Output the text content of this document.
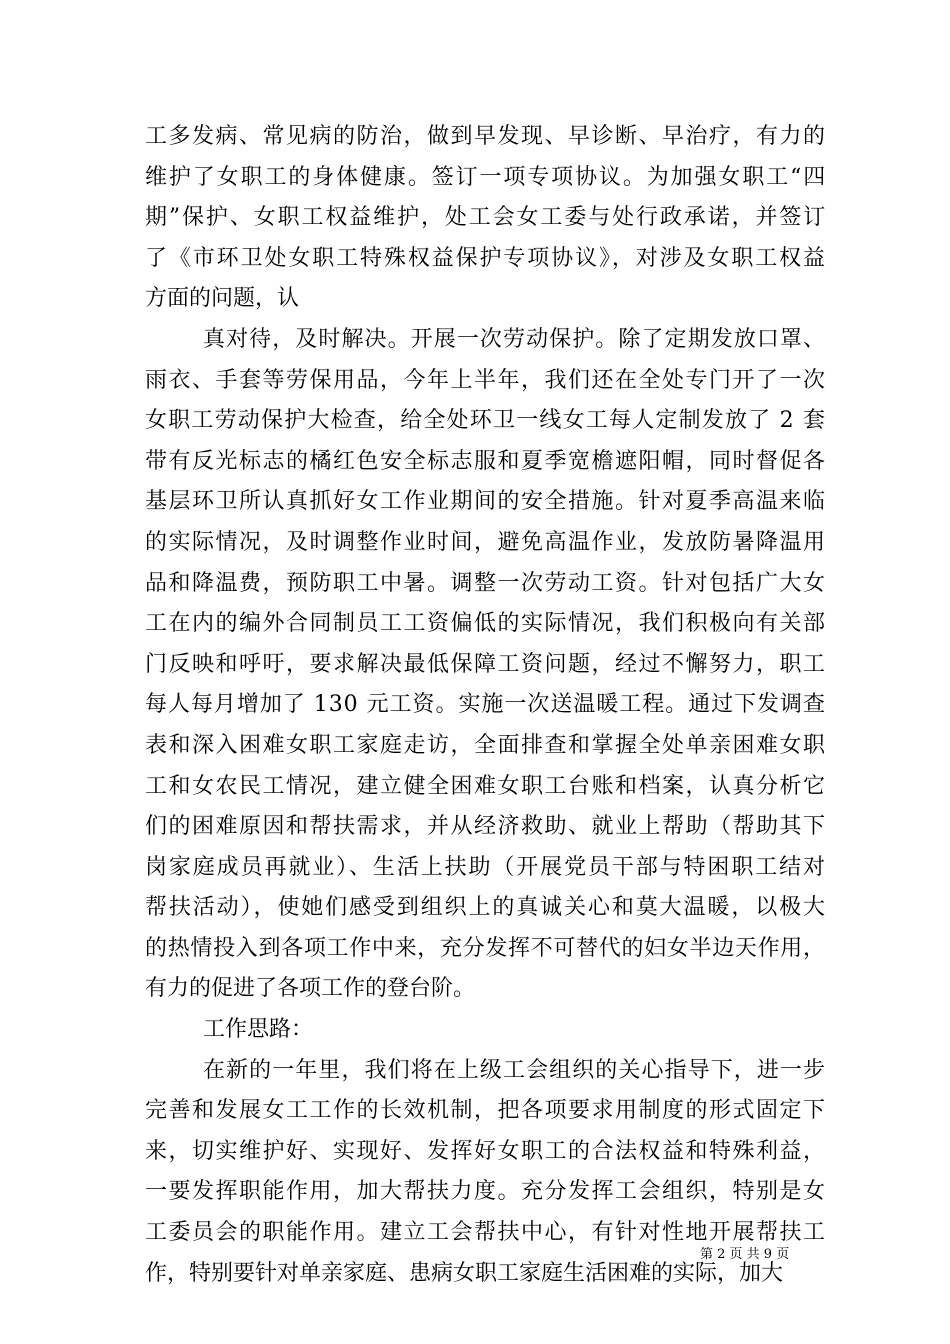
工多发病、常见病的防治，做到早发现、早诊断、早治疗，有力的
维护了女职工的身体健康。签订一项专项协议。为加强女职工“四
期”保护、女职工权益维护，处工会女工委与处行政承诺，并签订
了《市环卫处女职工特殊权益保护专项协议》，对涉及女职工权益
方面的问题，认
真对待，及时解决。开展一次劳动保护。除了定期发放口罩、
雨衣、手套等劳保用品，今年上半年，我们还在全处专门开了一次
女职工劳动保护大检查，给全处环卫一线女工每人定制发放了 2 套
带有反光标志的橘红色安全标志服和夏季宽檐遮阳帽，同时督促各
基层环卫所认真抓好女工作业期间的安全措施。针对夏季高温来临
的实际情况，及时调整作业时间，避免高温作业，发放防暑降温用
品和降温费，预防职工中暑。调整一次劳动工资。针对包括广大女
工在内的编外合同制员工工资偏低的实际情况，我们积极向有关部
门反映和呼吁，要求解决最低保障工资问题，经过不懈努力，职工
每人每月增加了 130 元工资。实施一次送温暖工程。通过下发调查
表和深入困难女职工家庭走访，全面排查和掌握全处单亲困难女职
工和女农民工情况，建立健全困难女职工台账和档案，认真分析它
们的困难原因和帮扶需求，并从经济救助、就业上帮助（帮助其下
岗家庭成员再就业）、生活上扶助（开展党员干部与特困职工结对
帮扶活动），使她们感受到组织上的真诚关心和莫大温暖，以极大
的热情投入到各项工作中来，充分发挥不可替代的妇女半边天作用，
有力的促进了各项工作的登台阶。
工作思路：
在新的一年里，我们将在上级工会组织的关心指导下，进一步
完善和发展女工工作的长效机制，把各项要求用制度的形式固定下
来，切实维护好、实现好、发挥好女职工的合法权益和特殊利益，
一要发挥职能作用，加大帮扶力度。充分发挥工会组织，特别是女
工委员会的职能作用。建立工会帮扶中心，有针对性地开展帮扶工
作，特别要针对单亲家庭、患病女职工家庭生活困难的实际，加大
第 2 页 共 9 页
